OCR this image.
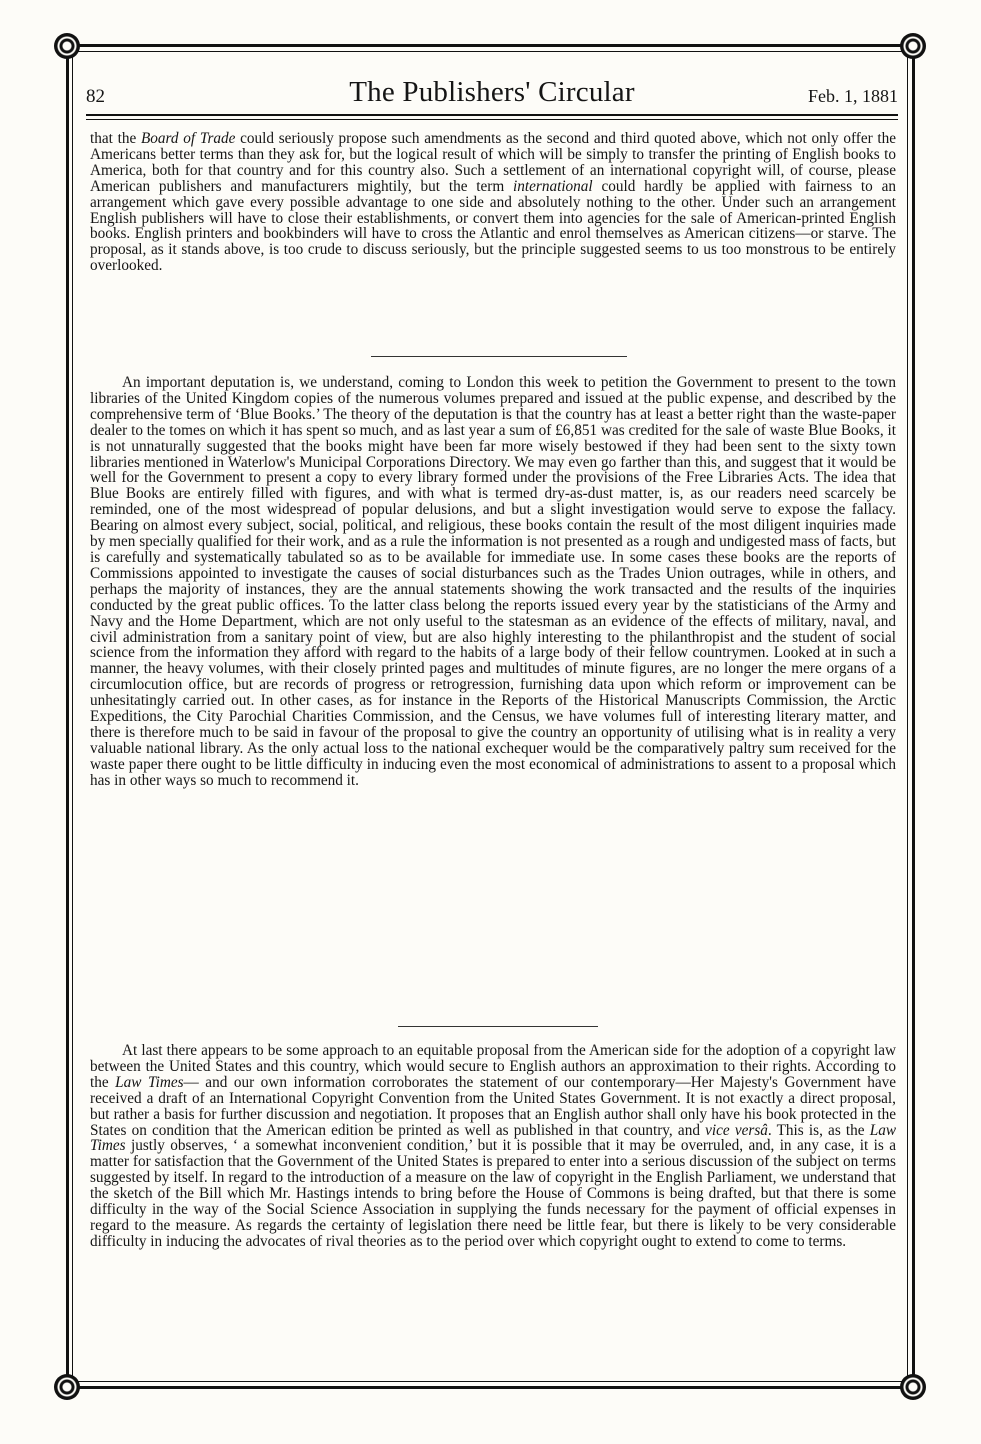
82	The Publishers' Circular	Feb. 1, 1881

that the Board of Trade could seriously propose such amendments as the second and third quoted above, which not only offer the Americans better terms than they ask for, but the logical result of which will be simply to transfer the printing of English books to America, both for that country and for this country also. Such a settlement of an international copyright will, of course, please American publishers and manufacturers mightily, but the term international could hardly be applied with fairness to an arrangement which gave every possible advantage to one side and absolutely nothing to the other. Under such an arrangement English publishers will have to close their establishments, or convert them into agencies for the sale of American-printed English books. English printers and bookbinders will have to cross the Atlantic and enrol themselves as American citizens—or starve. The proposal, as it stands above, is too crude to discuss seriously, but the principle suggested seems to us too monstrous to be entirely overlooked.

An important deputation is, we understand, coming to London this week to petition the Government to present to the town libraries of the United Kingdom copies of the numerous volumes prepared and issued at the public expense, and described by the comprehensive term of ‘Blue Books.’ The theory of the deputation is that the country has at least a better right than the waste-paper dealer to the tomes on which it has spent so much, and as last year a sum of £6,851 was credited for the sale of waste Blue Books, it is not unnaturally suggested that the books might have been far more wisely bestowed if they had been sent to the sixty town libraries mentioned in Waterlow's Municipal Corporations Directory. We may even go farther than this, and suggest that it would be well for the Government to present a copy to every library formed under the provisions of the Free Libraries Acts. The idea that Blue Books are entirely filled with figures, and with what is termed dry-as-dust matter, is, as our readers need scarcely be reminded, one of the most widespread of popular delusions, and but a slight investigation would serve to expose the fallacy. Bearing on almost every subject, social, political, and religious, these books contain the result of the most diligent inquiries made by men specially qualified for their work, and as a rule the information is not presented as a rough and undigested mass of facts, but is carefully and systematically tabulated so as to be available for immediate use. In some cases these books are the reports of Commissions appointed to investigate the causes of social disturbances such as the Trades Union outrages, while in others, and perhaps the majority of instances, they are the annual statements showing the work transacted and the results of the inquiries conducted by the great public offices. To the latter class belong the reports issued every year by the statisticians of the Army and Navy and the Home Department, which are not only useful to the statesman as an evidence of the effects of military, naval, and civil administration from a sanitary point of view, but are also highly interesting to the philanthropist and the student of social science from the information they afford with regard to the habits of a large body of their fellow countrymen. Looked at in such a manner, the heavy volumes, with their closely printed pages and multitudes of minute figures, are no longer the mere organs of a circumlocution office, but are records of progress or retrogression, furnishing data upon which reform or improvement can be unhesitatingly carried out. In other cases, as for instance in the Reports of the Historical Manuscripts Commission, the Arctic Expeditions, the City Parochial Charities Commission, and the Census, we have volumes full of interesting literary matter, and there is therefore much to be said in favour of the proposal to give the country an opportunity of utilising what is in reality a very valuable national library. As the only actual loss to the national exchequer would be the comparatively paltry sum received for the waste paper there ought to be little difficulty in inducing even the most economical of administrations to assent to a proposal which has in other ways so much to recommend it.

At last there appears to be some approach to an equitable proposal from the American side for the adoption of a copyright law between the United States and this country, which would secure to English authors an approximation to their rights. According to the Law Times— and our own information corroborates the statement of our contemporary—Her Majesty's Government have received a draft of an International Copyright Convention from the United States Government. It is not exactly a direct proposal, but rather a basis for further discussion and negotiation. It proposes that an English author shall only have his book protected in the States on condition that the American edition be printed as well as published in that country, and vice versâ. This is, as the Law Times justly observes, ‘ a somewhat inconvenient condition,’ but it is possible that it may be overruled, and, in any case, it is a matter for satisfaction that the Government of the United States is prepared to enter into a serious discussion of the subject on terms suggested by itself. In regard to the introduction of a measure on the law of copyright in the English Parliament, we understand that the sketch of the Bill which Mr. Hastings intends to bring before the House of Commons is being drafted, but that there is some difficulty in the way of the Social Science Association in supplying the funds necessary for the payment of official expenses in regard to the measure. As regards the certainty of legislation there need be little fear, but there is likely to be very considerable difficulty in inducing the advocates of rival theories as to the period over which copyright ought to extend to come to terms.
